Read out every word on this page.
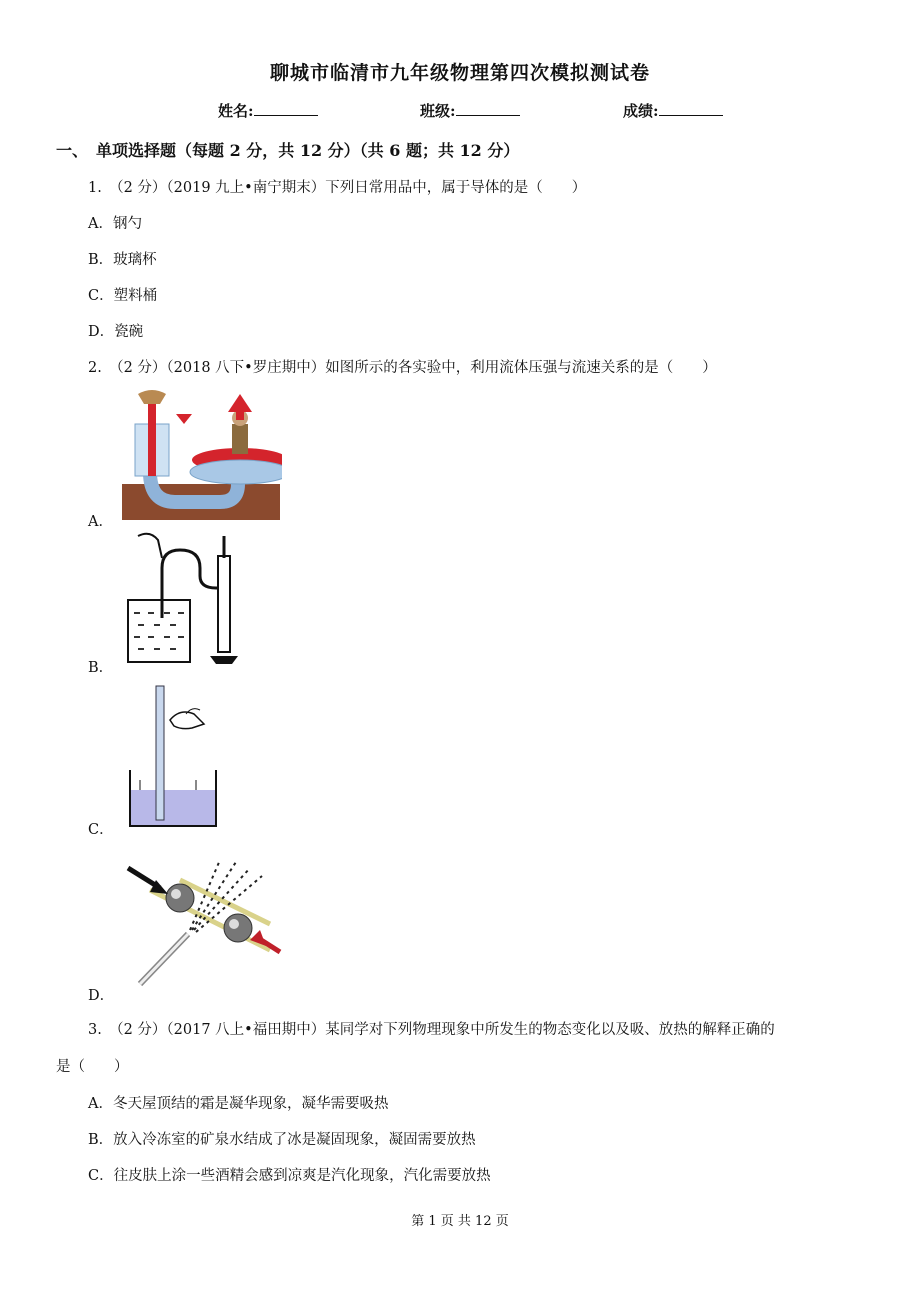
聊城市临清市九年级物理第四次模拟测试卷
姓名:	班级:	成绩:
一、　单项选择题（每题 2 分，共 12 分）（共 6 题；共 12 分）
1.　（2 分）（2019 九上•南宁期末）下列日常用品中，属于导体的是（　　）
A．钢勺
B．玻璃杯
C．塑料桶
D．瓷碗
2.　（2 分）（2018 八下•罗庄期中）如图所示的各实验中，利用流体压强与流速关系的是（　　）
A．
B．
C．
D．
3.　（2 分）（2017 八上•福田期中）某同学对下列物理现象中所发生的物态变化以及吸、放热的解释正确的
是（　　）
A．冬天屋顶结的霜是凝华现象，凝华需要吸热
B．放入冷冻室的矿泉水结成了冰是凝固现象，凝固需要放热
C．往皮肤上涂一些酒精会感到凉爽是汽化现象，汽化需要放热
第 1 页 共 12 页
